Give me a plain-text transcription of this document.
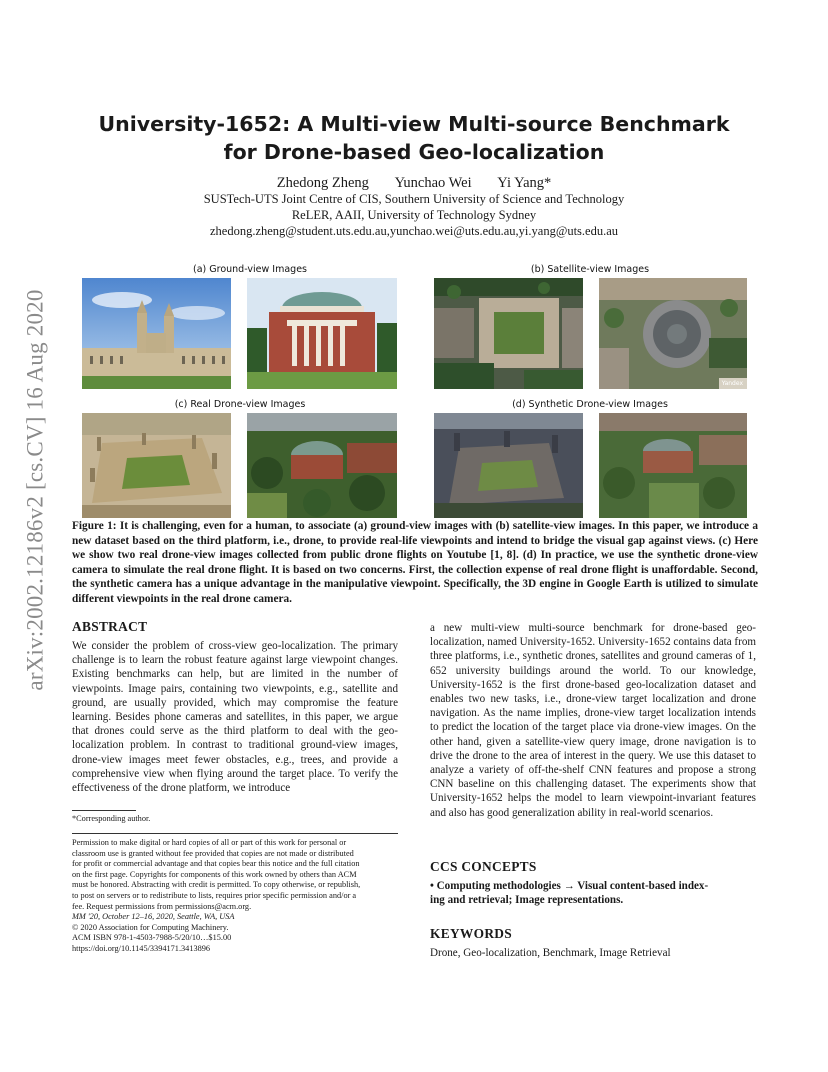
arXiv:2002.12186v2 [cs.CV] 16 Aug 2020
University-1652: A Multi-view Multi-source Benchmark
for Drone-based Geo-localization
Zhedong Zheng Yunchao Wei Yi Yang*
SUSTech-UTS Joint Centre of CIS, Southern University of Science and Technology
ReLER, AAII, University of Technology Sydney
zhedong.zheng@student.uts.edu.au,yunchao.wei@uts.edu.au,yi.yang@uts.edu.au
(a) Ground-view Images	(b) Satellite-view Images
(c) Real Drone-view Images	(d) Synthetic Drone-view Images
Yandex
Figure 1: It is challenging, even for a human, to associate (a) ground-view images with (b) satellite-view images. In this paper, we introduce a new dataset based on the third platform, i.e., drone, to provide real-life viewpoints and intend to bridge the visual gap against views. (c) Here we show two real drone-view images collected from public drone flights on Youtube [1, 8]. (d) In practice, we use the synthetic drone-view camera to simulate the real drone flight. It is based on two concerns. First, the collection expense of real drone flight is unaffordable. Second, the synthetic camera has a unique advantage in the manipulative viewpoint. Specifically, the 3D engine in Google Earth is utilized to simulate different viewpoints in the real drone camera.
ABSTRACT
We consider the problem of cross-view geo-localization. The primary challenge is to learn the robust feature against large viewpoint changes. Existing benchmarks can help, but are limited in the number of viewpoints. Image pairs, containing two viewpoints, e.g., satellite and ground, are usually provided, which may compromise the feature learning. Besides phone cameras and satellites, in this paper, we argue that drones could serve as the third platform to deal with the geo-localization problem. In contrast to traditional ground-view images, drone-view images meet fewer obstacles, e.g., trees, and provide a comprehensive view when flying around the target place. To verify the effectiveness of the drone platform, we introduce
*Corresponding author.
Permission to make digital or hard copies of all or part of this work for personal or
classroom use is granted without fee provided that copies are not made or distributed
for profit or commercial advantage and that copies bear this notice and the full citation
on the first page. Copyrights for components of this work owned by others than ACM
must be honored. Abstracting with credit is permitted. To copy otherwise, or republish,
to post on servers or to redistribute to lists, requires prior specific permission and/or a
fee. Request permissions from permissions@acm.org.
MM '20, October 12–16, 2020, Seattle, WA, USA
© 2020 Association for Computing Machinery.
ACM ISBN 978-1-4503-7988-5/20/10…$15.00
https://doi.org/10.1145/3394171.3413896
a new multi-view multi-source benchmark for drone-based geo-localization, named University-1652. University-1652 contains data from three platforms, i.e., synthetic drones, satellites and ground cameras of 1, 652 university buildings around the world. To our knowledge, University-1652 is the first drone-based geo-localization dataset and enables two new tasks, i.e., drone-view target localization and drone navigation. As the name implies, drone-view target localization intends to predict the location of the target place via drone-view images. On the other hand, given a satellite-view query image, drone navigation is to drive the drone to the area of interest in the query. We use this dataset to analyze a variety of off-the-shelf CNN features and propose a strong CNN baseline on this challenging dataset. The experiments show that University-1652 helps the model to learn viewpoint-invariant features and also has good generalization ability in real-world scenarios.
CCS CONCEPTS
• Computing methodologies → Visual content-based index-
ing and retrieval; Image representations.
KEYWORDS
Drone, Geo-localization, Benchmark, Image Retrieval
